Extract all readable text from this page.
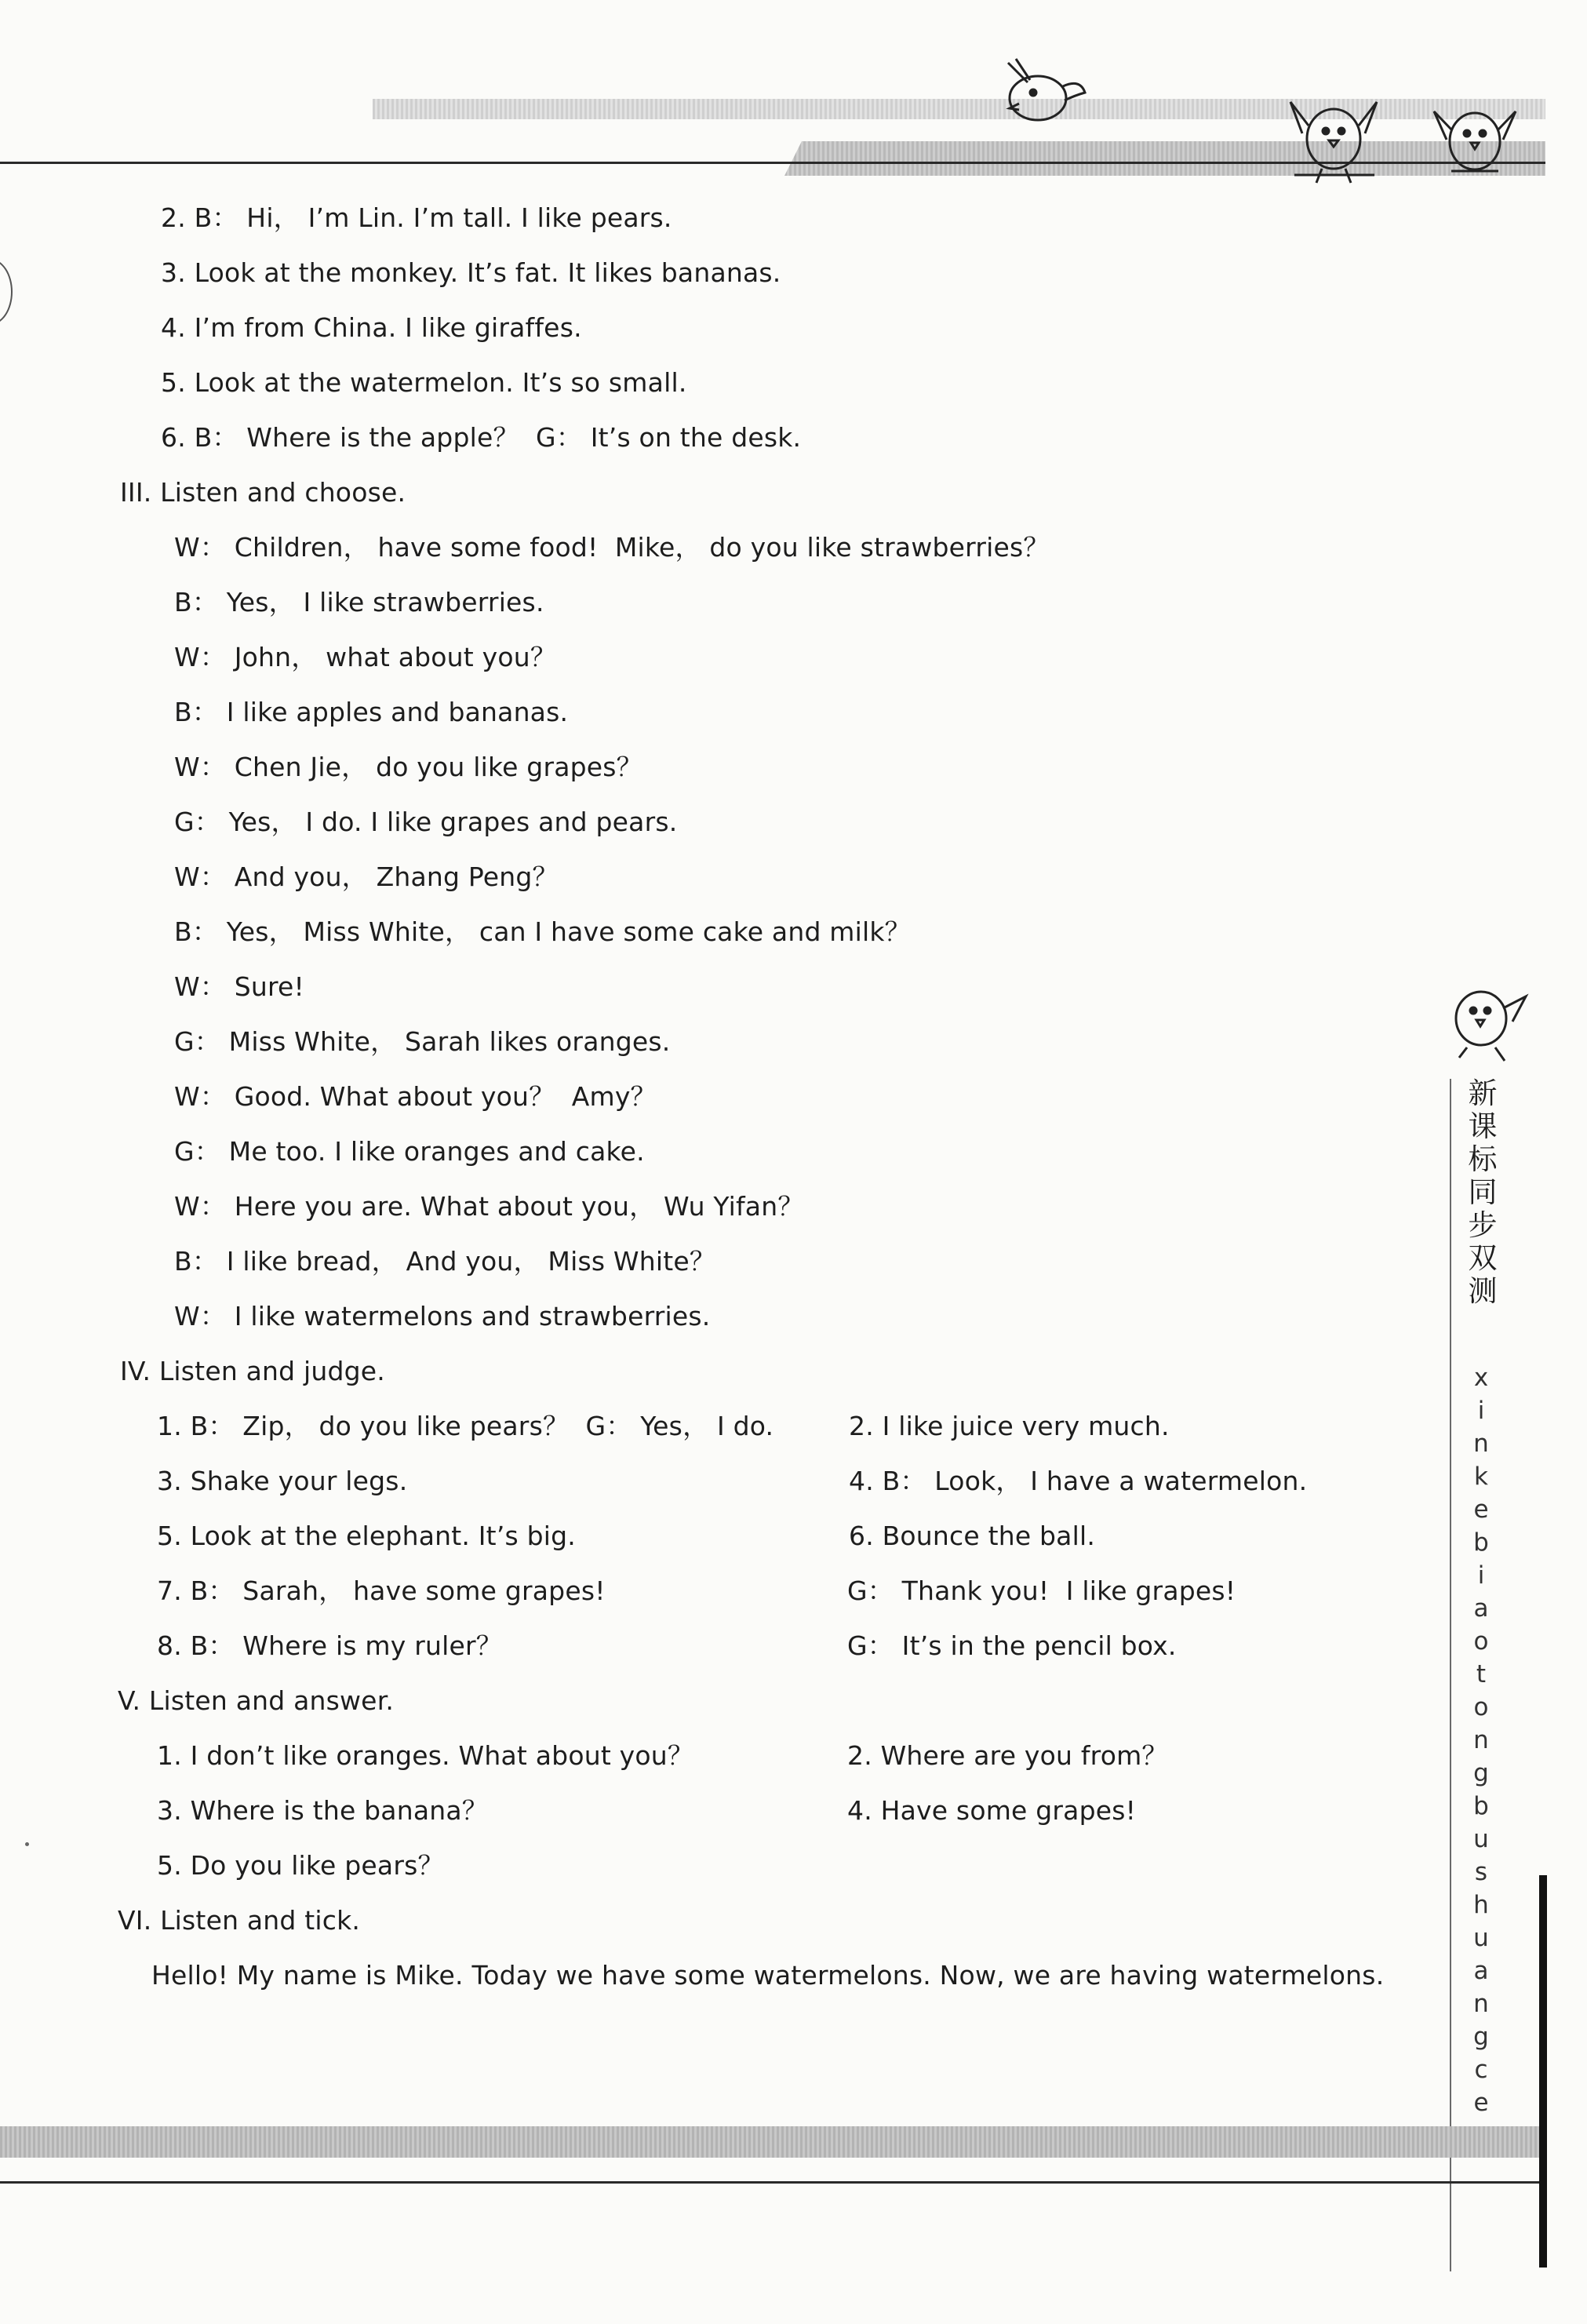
2. B： Hi， I’m Lin. I’m tall. I like pears.
3. Look at the monkey. It’s fat. It likes bananas.
4. I’m from China. I like giraffes.
5. Look at the watermelon. It’s so small.
6. B： Where is the apple？  G： It’s on the desk.
III. Listen and choose.
W： Children， have some food!  Mike， do you like strawberries？
B： Yes， I like strawberries.
W： John， what about you？
B： I like apples and bananas.
W： Chen Jie， do you like grapes？
G： Yes， I do. I like grapes and pears.
W： And you， Zhang Peng？
B： Yes， Miss White， can I have some cake and milk？
W： Sure!
G： Miss White， Sarah likes oranges.
W： Good. What about you？  Amy？
G： Me too. I like oranges and cake.
W： Here you are. What about you， Wu Yifan？
B： I like bread， And you， Miss White？
W： I like watermelons and strawberries.
IV. Listen and judge.
1. B： Zip， do you like pears？  G： Yes， I do.	2. I like juice very much.
3. Shake your legs.	4. B： Look， I have a watermelon.
5. Look at the elephant. It’s big.	6. Bounce the ball.
7. B： Sarah， have some grapes!	G： Thank you!  I like grapes!
8. B： Where is my ruler？	G： It’s in the pencil box.
V. Listen and answer.
1. I don’t like oranges. What about you？	2. Where are you from？
3. Where is the banana？	4. Have some grapes!
5. Do you like pears？
VI. Listen and tick.
Hello! My name is Mike. Today we have some watermelons. Now, we are having watermelons.
新
课
标
同
步
双
测
x
i
n
k
e
b
i
a
o
t
o
n
g
b
u
s
h
u
a
n
g
c
e
